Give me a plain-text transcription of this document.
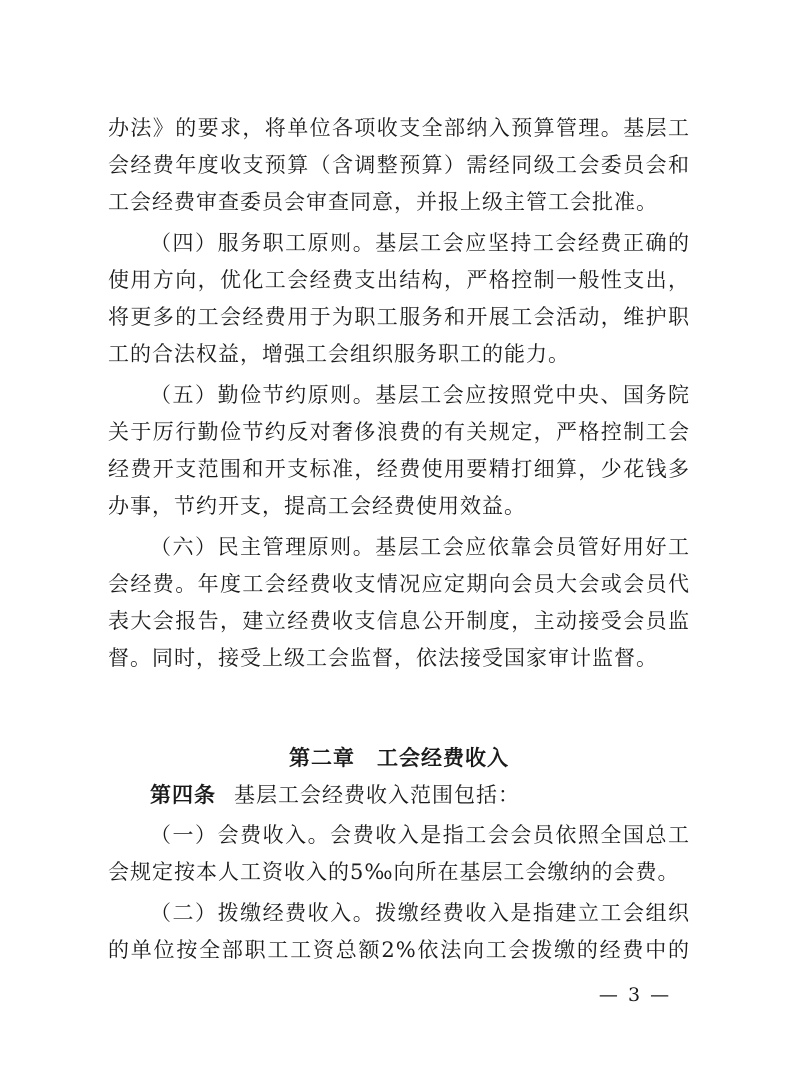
办法》的要求，将单位各项收支全部纳入预算管理。基层工
会经费年度收支预算（含调整预算）需经同级工会委员会和
工会经费审查委员会审查同意，并报上级主管工会批准。
（四）服务职工原则。基层工会应坚持工会经费正确的
使用方向，优化工会经费支出结构，严格控制一般性支出，
将更多的工会经费用于为职工服务和开展工会活动，维护职
工的合法权益，增强工会组织服务职工的能力。
（五）勤俭节约原则。基层工会应按照党中央、国务院
关于厉行勤俭节约反对奢侈浪费的有关规定，严格控制工会
经费开支范围和开支标准，经费使用要精打细算，少花钱多
办事，节约开支，提高工会经费使用效益。
（六）民主管理原则。基层工会应依靠会员管好用好工
会经费。年度工会经费收支情况应定期向会员大会或会员代
表大会报告，建立经费收支信息公开制度，主动接受会员监
督。同时，接受上级工会监督，依法接受国家审计监督。
第二章　工会经费收入
第四条 基层工会经费收入范围包括：
（一）会费收入。会费收入是指工会会员依照全国总工
会规定按本人工资收入的5‰向所在基层工会缴纳的会费。
（二）拨缴经费收入。拨缴经费收入是指建立工会组织
的单位按全部职工工资总额2%依法向工会拨缴的经费中的
— 3 —
